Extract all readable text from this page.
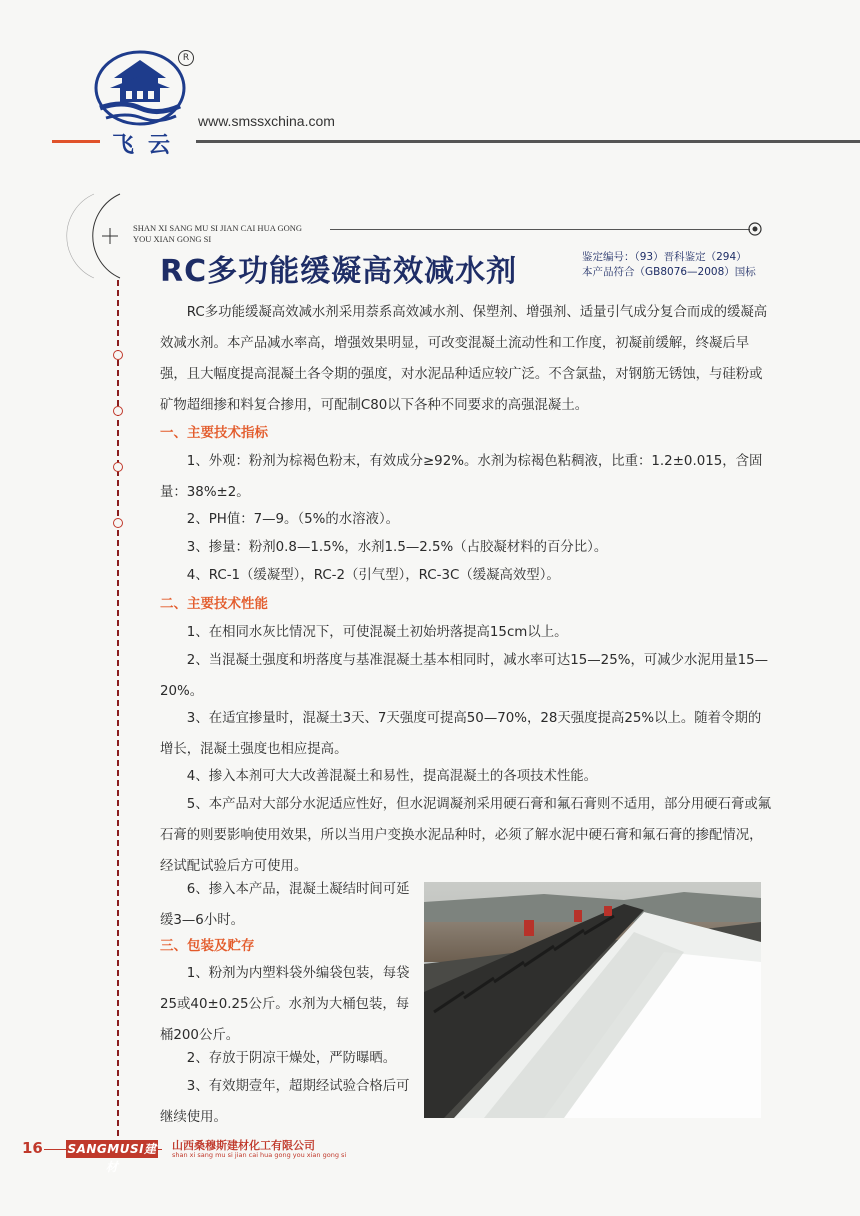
R
飞云
www.smssxchina.com
SHAN XI SANG MU SI JIAN CAI HUA GONG
YOU XIAN GONG SI
RC多功能缓凝高效减水剂	鉴定编号：（93）晋科鉴定（294）
本产品符合（GB8076—2008）国标
RC多功能缓凝高效减水剂采用萘系高效减水剂、保塑剂、增强剂、适量引气成分复合而成的缓凝高效减水剂。本产品减水率高，增强效果明显，可改变混凝土流动性和工作度，初凝前缓解，终凝后早强，且大幅度提高混凝土各令期的强度，对水泥品种适应较广泛。不含氯盐，对钢筋无锈蚀，与硅粉或矿物超细掺和料复合掺用，可配制C80以下各种不同要求的高强混凝土。
一、主要技术指标
1、外观：粉剂为棕褐色粉末，有效成分≥92%。水剂为棕褐色粘稠液，比重：1.2±0.015，含固量：38%±2。
2、PH值：7—9。（5%的水溶液）。
3、掺量：粉剂0.8—1.5%，水剂1.5—2.5%（占胶凝材料的百分比）。
4、RC-1（缓凝型），RC-2（引气型），RC-3C（缓凝高效型）。
二、主要技术性能
1、在相同水灰比情况下，可使混凝土初始坍落提高15cm以上。
2、当混凝土强度和坍落度与基准混凝土基本相同时，减水率可达15—25%，可减少水泥用量15—20%。
3、在适宜掺量时，混凝土3天、7天强度可提高50—70%，28天强度提高25%以上。随着令期的增长，混凝土强度也相应提高。
4、掺入本剂可大大改善混凝土和易性，提高混凝土的各项技术性能。
5、本产品对大部分水泥适应性好，但水泥调凝剂采用硬石膏和氟石膏则不适用，部分用硬石膏或氟石膏的则要影响使用效果，所以当用户变换水泥品种时，必须了解水泥中硬石膏和氟石膏的掺配情况，经试配试验后方可使用。
6、掺入本产品，混凝土凝结时间可延缓3—6小时。
三、包装及贮存
1、粉剂为内塑料袋外编袋包装，每袋25或40±0.25公斤。水剂为大桶包装，每桶200公斤。
2、存放于阴凉干燥处，严防曝晒。
3、有效期壹年，超期经试验合格后可继续使用。
16 SANGMUSI建材
山西桑穆斯建材化工有限公司
shan xi sang mu si jian cai hua gong you xian gong si
